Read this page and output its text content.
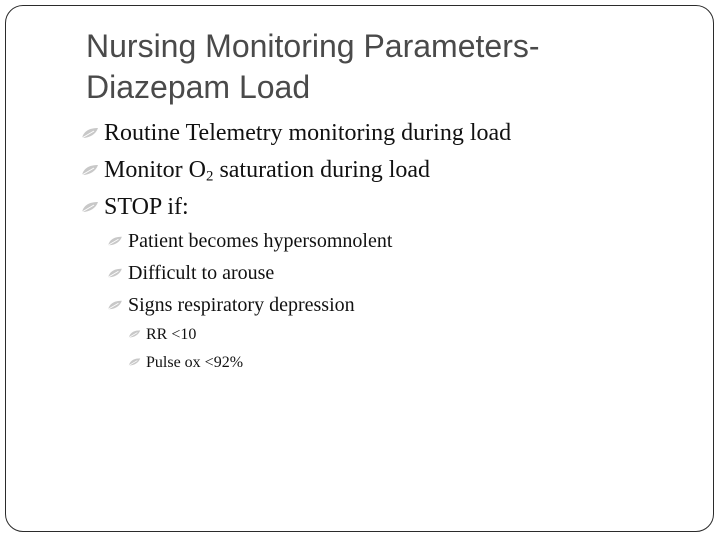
Nursing Monitoring Parameters-
Diazepam Load
Routine Telemetry monitoring during load
Monitor $O_2$ saturation during load
STOP if:
Patient becomes hypersomnolent
Difficult to arouse
Signs respiratory depression
RR <10
Pulse ox <92%
